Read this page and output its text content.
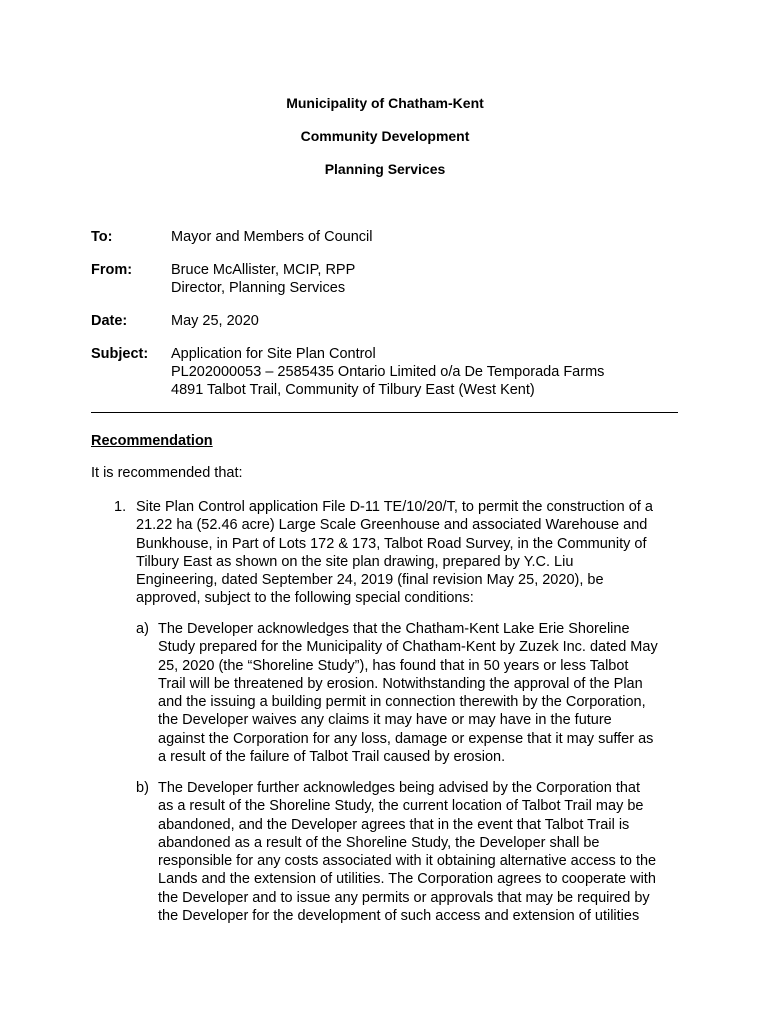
Municipality of Chatham-Kent
Community Development
Planning Services
To:	Mayor and Members of Council
From:	Bruce McAllister, MCIP, RPP
Director, Planning Services
Date:	May 25, 2020
Subject: Application for Site Plan Control
PL202000053 – 2585435 Ontario Limited o/a De Temporada Farms
4891 Talbot Trail, Community of Tilbury East (West Kent)
Recommendation
It is recommended that:
1. Site Plan Control application File D-11 TE/10/20/T, to permit the construction of a
21.22 ha (52.46 acre) Large Scale Greenhouse and associated Warehouse and
Bunkhouse, in Part of Lots 172 & 173, Talbot Road Survey, in the Community of
Tilbury East as shown on the site plan drawing, prepared by Y.C. Liu
Engineering, dated September 24, 2019 (final revision May 25, 2020), be
approved, subject to the following special conditions:
a) The Developer acknowledges that the Chatham-Kent Lake Erie Shoreline
Study prepared for the Municipality of Chatham-Kent by Zuzek Inc. dated May
25, 2020 (the “Shoreline Study”), has found that in 50 years or less Talbot
Trail will be threatened by erosion. Notwithstanding the approval of the Plan
and the issuing a building permit in connection therewith by the Corporation,
the Developer waives any claims it may have or may have in the future
against the Corporation for any loss, damage or expense that it may suffer as
a result of the failure of Talbot Trail caused by erosion.
b) The Developer further acknowledges being advised by the Corporation that
as a result of the Shoreline Study, the current location of Talbot Trail may be
abandoned, and the Developer agrees that in the event that Talbot Trail is
abandoned as a result of the Shoreline Study, the Developer shall be
responsible for any costs associated with it obtaining alternative access to the
Lands and the extension of utilities. The Corporation agrees to cooperate with
the Developer and to issue any permits or approvals that may be required by
the Developer for the development of such access and extension of utilities
